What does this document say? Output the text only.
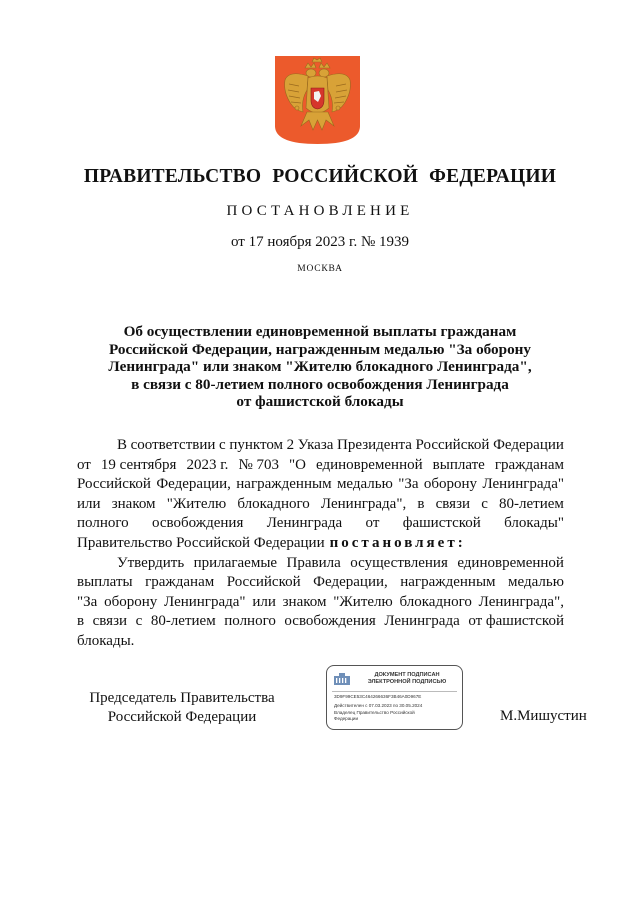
ПРАВИТЕЛЬСТВО РОССИЙСКОЙ ФЕДЕРАЦИИ
ПОСТАНОВЛЕНИЕ
от 17 ноября 2023 г. № 1939
МОСКВА
Об осуществлении единовременной выплаты гражданам
Российской Федерации, награжденным медалью "За оборону
Ленинграда" или знаком "Жителю блокадного Ленинграда",
в связи с 80-летием полного освобождения Ленинграда
от фашистской блокады
В соответствии с пунктом 2 Указа Президента Российской Федерации
от 19 сентября 2023 г. № 703 "О единовременной выплате гражданам
Российской Федерации, награжденным медалью "За оборону Ленинграда"
или знаком "Жителю блокадного Ленинграда", в связи с 80-летием
полного освобождения Ленинграда от фашистской блокады"
Правительство Российской Федерации постановляет:
Утвердить прилагаемые Правила осуществления единовременной
выплаты гражданам Российской Федерации, награжденным медалью
"За оборону Ленинграда" или знаком "Жителю блокадного Ленинграда",
в связи с 80-летием полного освобождения Ленинграда от фашистской
блокады.
Председатель Правительства
Российской Федерации
ДОКУМЕНТ ПОДПИСАН
ЭЛЕКТРОННОЙ ПОДПИСЬЮ
3D9F99CE53C464266636F3B46A0D967E
Действителен с 07.03.2023 по 30.05.2024
Владелец Правительство Российской
Федерации	М.Мишустин
